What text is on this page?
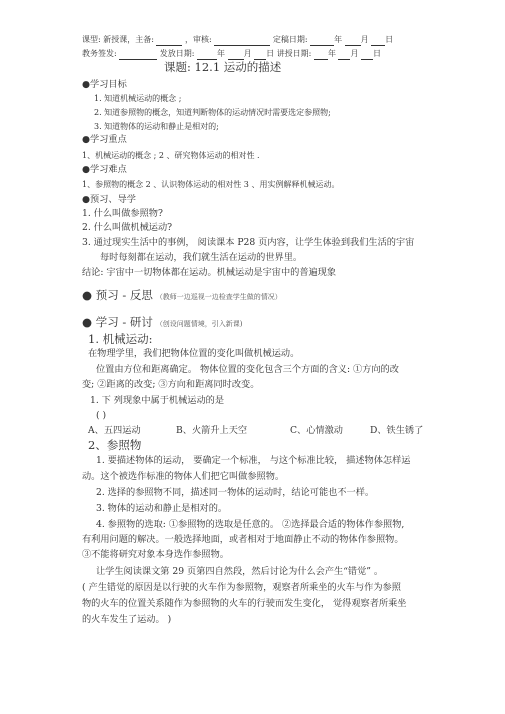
课型: 新授课，主备:	，审核:	定稿日期:	年 月 日
教务签发:	发放日期:	年 月 日 讲授日期: 年 月 日
课题: 12.1 运动的描述
●学习目标
1. 知道机械运动的概念 ;
2. 知道参照物的概念，知道判断物体的运动情况时需要选定参照物;
3. 知道物体的运动和静止是相对的;
●学习重点
1、机械运动的概念 ; 2 、研究物体运动的相对性 .
●学习难点
1、参照物的概念 2 、认识物体运动的相对性 3 、用实例解释机械运动。
●预习、导学
1. 什么叫做参照物?
2. 什么叫做机械运动?
3. 通过现实生活中的事例， 阅读课本 P28 页内容，让学生体验到我们生活的宇宙
每时每刻都在运动，我们就生活在运动的世界里。
结论: 宇宙中一切物体都在运动。机械运动是宇宙中的普遍现象
● 预习 - 反思 （教师一边巡视一边检查学生做的情况）
● 学习 - 研讨 （创设问题情境，引入新课)
1. 机械运动:
在物理学里，我们把物体位置的变化叫做机械运动。
位置由方位和距离确定。 物体位置的变化包含三个方面的含义: ①方向的改
变; ②距离的改变; ③方向和距离同时改变。
1. 下 列现象中属于机械运动的是
( )
A、五四运动	B、火箭升上天空	C、心情激动	D、铁生锈了
2、参照物
1. 要描述物体的运动， 要确定一个标准， 与这个标准比较， 描述物体怎样运
动。这个被选作标准的物体人们把它叫做参照物。
2. 选择的参照物不同，描述同一物体的运动时，结论可能也不一样。
3. 物体的运动和静止是相对的。
4. 参照物的选取: ①参照物的选取是任意的。 ②选择最合适的物体作参照物,
有利用问题的解决。一般选择地面，或者相对于地面静止不动的物体作参照物。
③不能将研究对象本身选作参照物。
让学生阅读课文第 29 页第四自然段，然后讨论为什么会产生“错觉” 。
( 产生错觉的原因是以行驶的火车作为参照物，观察者所乘坐的火车与作为参照
物的火车的位置关系随作为参照物的火车的行驶而发生变化， 觉得观察者所乘坐
的火车发生了运动。 )
